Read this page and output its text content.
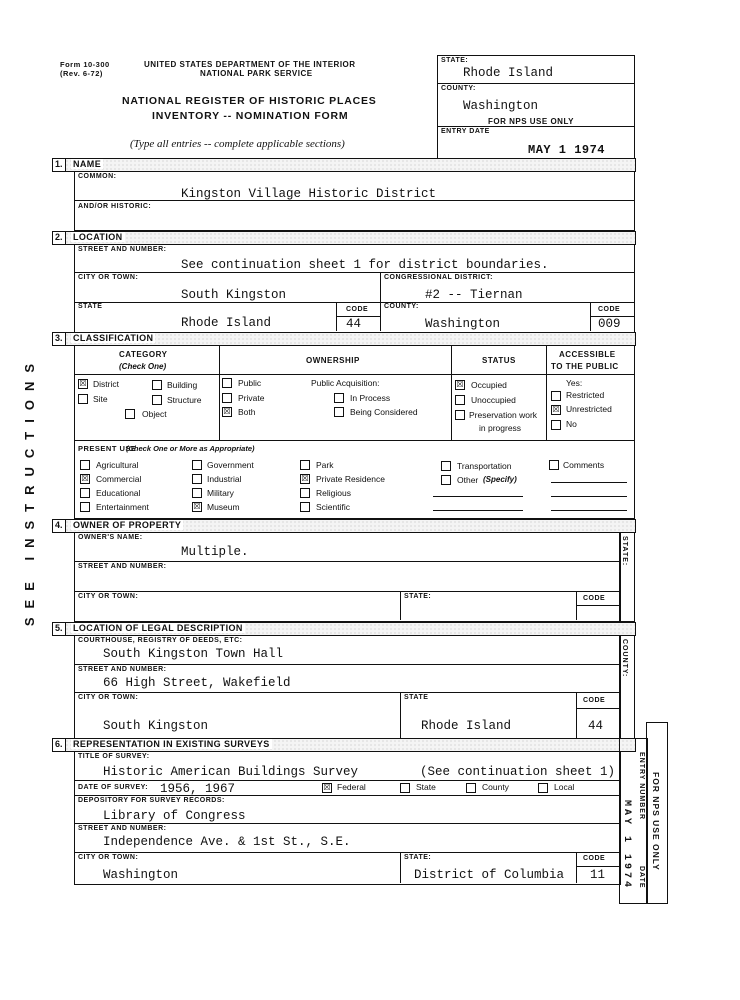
Form 10-300
(Rev. 6-72)
UNITED STATES DEPARTMENT OF THE INTERIOR
NATIONAL PARK SERVICE
NATIONAL REGISTER OF HISTORIC PLACES
INVENTORY -- NOMINATION FORM
(Type all entries -- complete applicable sections)
STATE:
Rhode Island
COUNTY:
Washington
FOR NPS USE ONLY
ENTRY DATE
MAY 1 1974
SEE INSTRUCTIONS
1.	NAME
COMMON:
Kingston Village Historic District
AND/OR HISTORIC:
2.	LOCATION
STREET AND NUMBER:
See continuation sheet 1 for district boundaries.
CITY OR TOWN:
South Kingston
CONGRESSIONAL DISTRICT:
#2 -- Tiernan
STATE
Rhode Island
CODE
44
COUNTY:
Washington
CODE
009
3.	CLASSIFICATION
CATEGORY
(Check One)
OWNERSHIP	STATUS
ACCESSIBLE
TO THE PUBLIC
☒ District
Site
Building
Structure
Object
Public
Private
☒ Both
Public Acquisition:
In Process
Being Considered
☒ Occupied
Unoccupied
Preservation work
in progress
Yes:
Restricted
☒ Unrestricted
No
PRESENT USE
(Check One or More as Appropriate)
Agricultural
☒ Commercial
Educational
Entertainment
Government
Industrial
Military
☒ Museum
Park
☒ Private Residence
Religious
Scientific
Transportation
Other (Specify)
Comments
4.	OWNER OF PROPERTY
OWNER'S NAME:
Multiple.
STREET AND NUMBER:
CITY OR TOWN:	STATE:	CODE
STATE:
5.	LOCATION OF LEGAL DESCRIPTION
COURTHOUSE, REGISTRY OF DEEDS, ETC:
South Kingston Town Hall
STREET AND NUMBER:
66 High Street, Wakefield
CITY OR TOWN:
South Kingston
STATE
Rhode Island
CODE
44
COUNTY:
6.	REPRESENTATION IN EXISTING SURVEYS
TITLE OF SURVEY:
Historic American Buildings Survey	(See continuation sheet 1)
DATE OF SURVEY: 1956, 1967	☒ Federal	State	County	Local
DEPOSITORY FOR SURVEY RECORDS:
Library of Congress
STREET AND NUMBER:
Independence Ave. & 1st St., S.E.
CITY OR TOWN:
Washington
STATE:
District of Columbia
CODE
11
ENTRY NUMBER
DATE
MAY 1 1974 FOR NPS USE ONLY
